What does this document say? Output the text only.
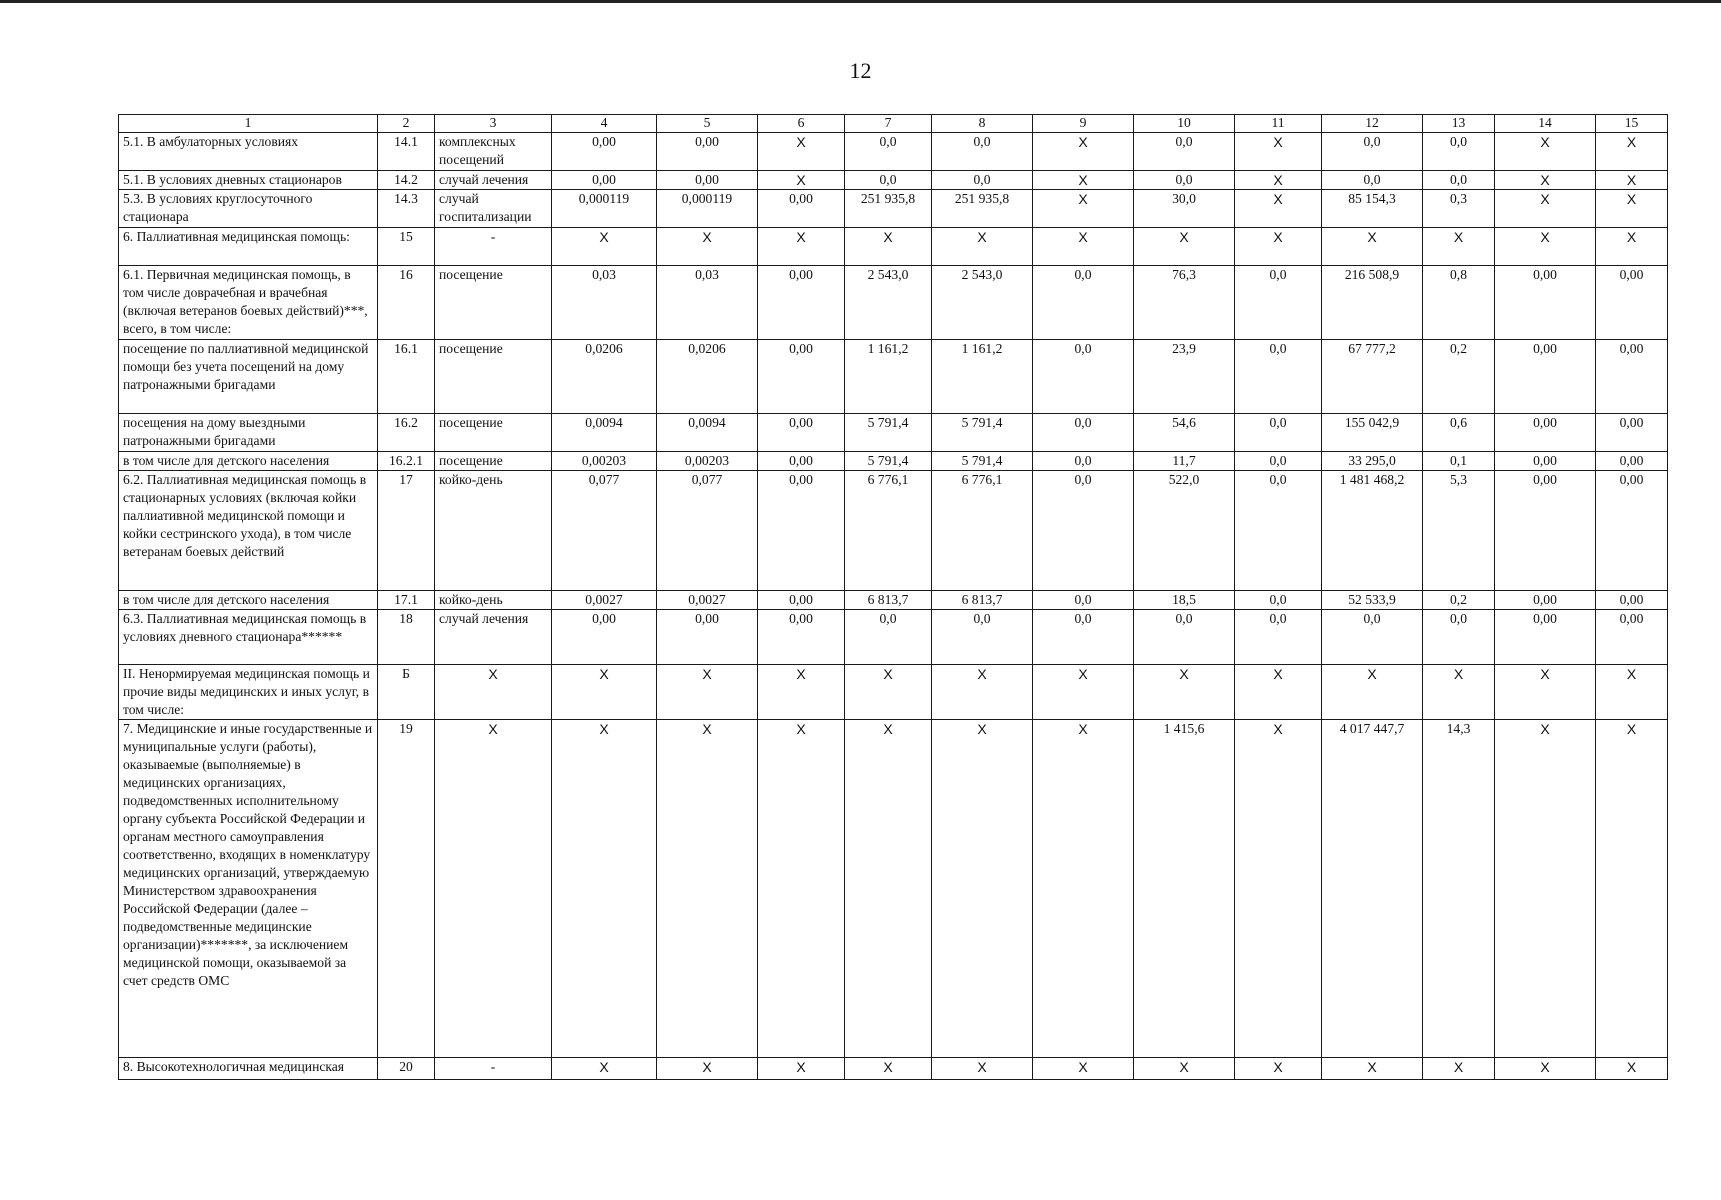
12
1	2	3	4	5	6	7	8	9	10	11	12	13	14	15
5.1. В амбулаторных условиях	14.1	комплексных посещений	0,00	0,00	X	0,0	0,0	X	0,0	X	0,0	0,0	X	X
5.1. В условиях дневных стационаров	14.2	случай лечения	0,00	0,00	X	0,0	0,0	X	0,0	X	0,0	0,0	X	X
5.3. В условиях круглосуточного стационара	14.3	случай госпитализации	0,000119	0,000119	0,00	251 935,8	251 935,8	X	30,0	X	85 154,3	0,3	X	X
6. Паллиативная медицинская помощь:	15	-	X	X	X	X	X	X	X	X	X	X	X	X
6.1. Первичная медицинская помощь, в том числе доврачебная и врачебная (включая ветеранов боевых действий)***, всего, в том числе:	16	посещение	0,03	0,03	0,00	2 543,0	2 543,0	0,0	76,3	0,0	216 508,9	0,8	0,00	0,00
посещение по паллиативной медицинской помощи без учета посещений на дому патронажными бригадами	16.1	посещение	0,0206	0,0206	0,00	1 161,2	1 161,2	0,0	23,9	0,0	67 777,2	0,2	0,00	0,00
посещения на дому выездными патронажными бригадами	16.2	посещение	0,0094	0,0094	0,00	5 791,4	5 791,4	0,0	54,6	0,0	155 042,9	0,6	0,00	0,00
в том числе для детского населения	16.2.1	посещение	0,00203	0,00203	0,00	5 791,4	5 791,4	0,0	11,7	0,0	33 295,0	0,1	0,00	0,00
6.2. Паллиативная медицинская помощь в стационарных условиях (включая койки паллиативной медицинской помощи и койки сестринского ухода), в том числе ветеранам боевых действий	17	койко-день	0,077	0,077	0,00	6 776,1	6 776,1	0,0	522,0	0,0	1 481 468,2	5,3	0,00	0,00
в том числе для детского населения	17.1	койко-день	0,0027	0,0027	0,00	6 813,7	6 813,7	0,0	18,5	0,0	52 533,9	0,2	0,00	0,00
6.3. Паллиативная медицинская помощь в условиях дневного стационара******	18	случай лечения	0,00	0,00	0,00	0,0	0,0	0,0	0,0	0,0	0,0	0,0	0,00	0,00
II. Ненормируемая медицинская помощь и прочие виды медицинских и иных услуг, в том числе:	Б	X	X	X	X	X	X	X	X	X	X	X	X	X
7. Медицинские и иные государственные и муниципальные услуги (работы), оказываемые (выполняемые) в медицинских организациях, подведомственных исполнительному органу субъекта Российской Федерации и органам местного самоуправления соответственно, входящих в номенклатуру медицинских организаций, утверждаемую Министерством здравоохранения Российской Федерации (далее – подведомственные медицинские организации)*******, за исключением медицинской помощи, оказываемой за счет средств ОМС	19	X	X	X	X	X	X	X	1 415,6	X	4 017 447,7	14,3	X	X
8. Высокотехнологичная медицинская	20	-	X	X	X	X	X	X	X	X	X	X	X	X
